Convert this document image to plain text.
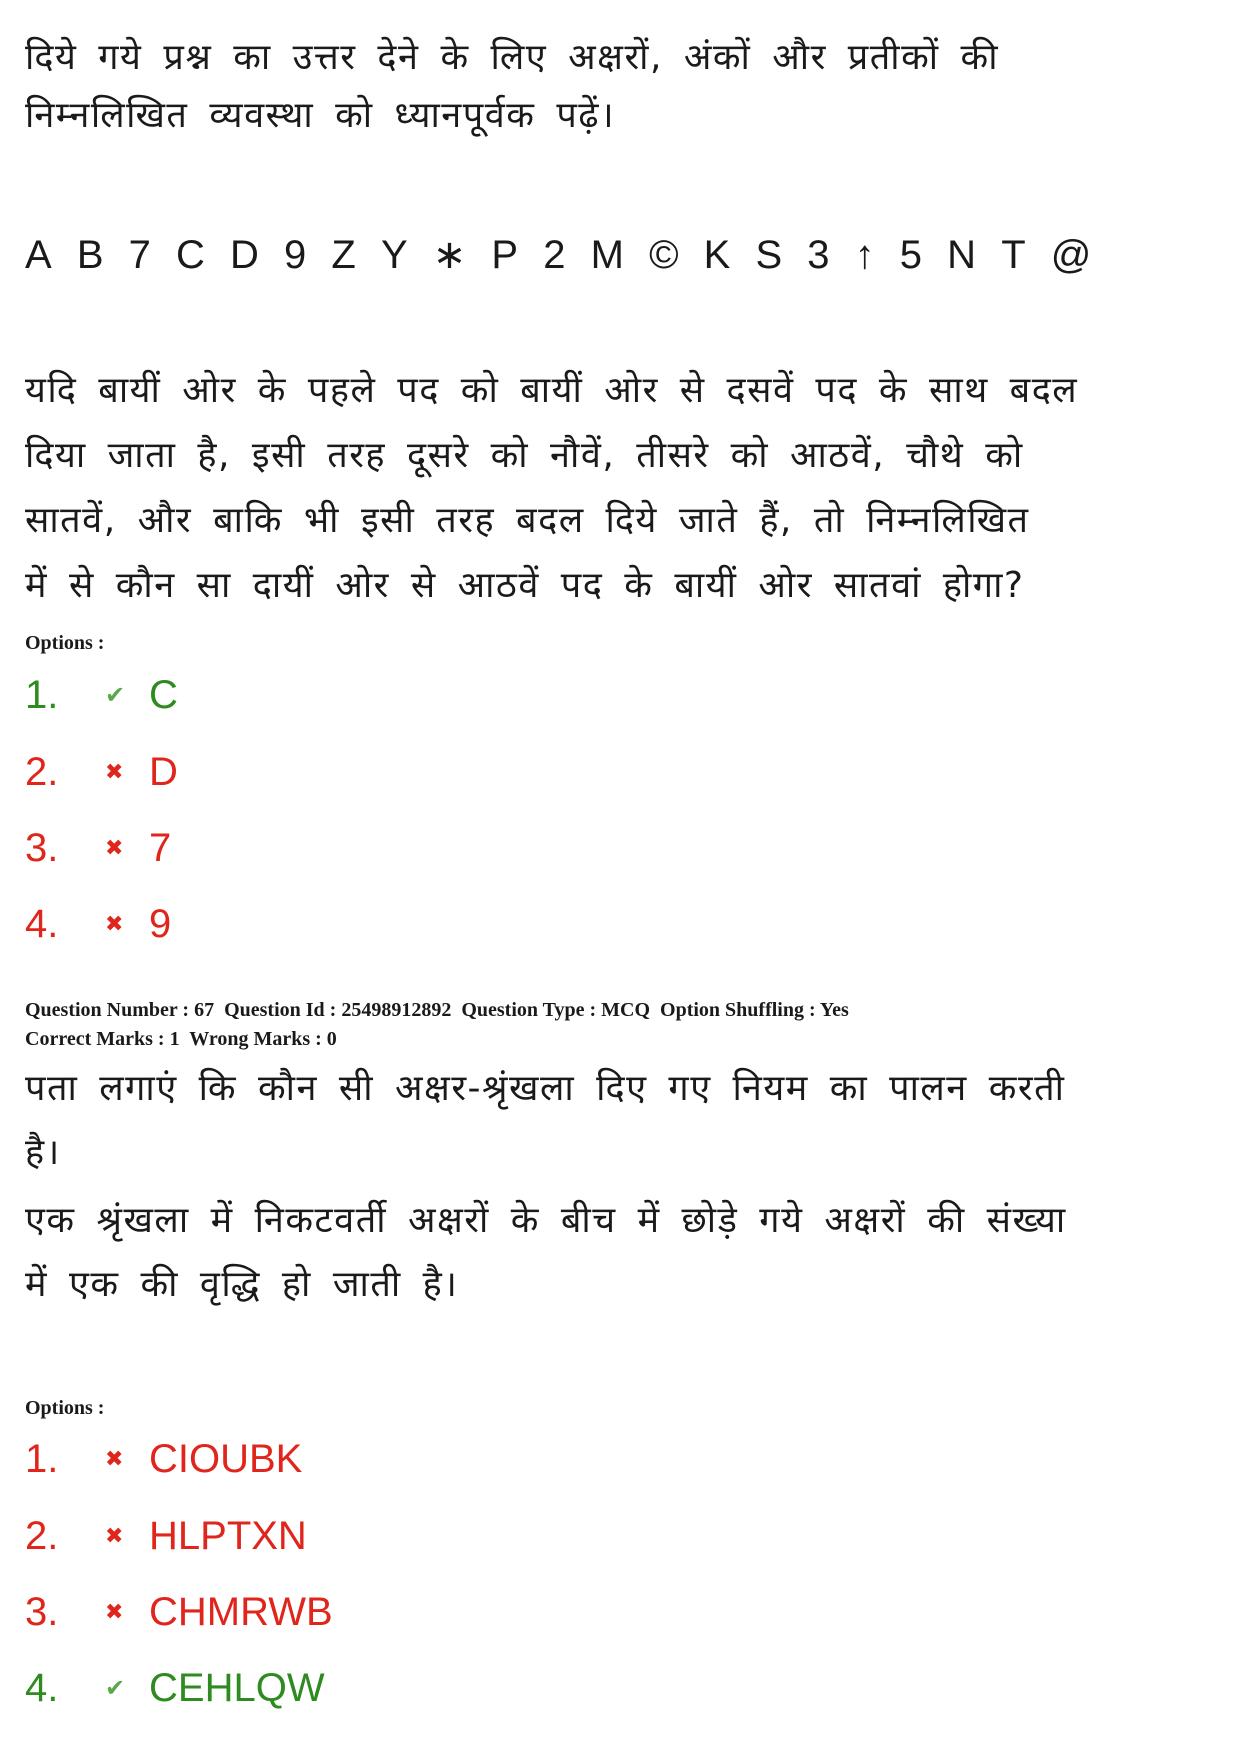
दिये गये प्रश्न का उत्तर देने के लिए अक्षरों, अंकों और प्रतीकों की

निम्नलिखित व्यवस्था को ध्यानपूर्वक पढ़ें।

A B 7 C D 9 Z Y ∗ P 2 M © K S 3 ↑ 5 N T @

यदि बायीं ओर के पहले पद को बायीं ओर से दसवें पद के साथ बदल

दिया जाता है, इसी तरह दूसरे को नौवें, तीसरे को आठवें, चौथे को

सातवें, और बाकि भी इसी तरह बदल दिये जाते हैं, तो निम्नलिखित

में से कौन सा दायीं ओर से आठवें पद के बायीं ओर सातवां होगा?

Options :

1.	✔ C
2.	✖ D
3.	✖ 7
4.	✖ 9

Question Number : 67  Question Id : 25498912892  Question Type : MCQ  Option Shuffling : Yes

Correct Marks : 1  Wrong Marks : 0

पता लगाएं कि कौन सी अक्षर-श्रृंखला दिए गए नियम का पालन करती

है।

एक श्रृंखला में निकटवर्ती अक्षरों के बीच में छोड़े गये अक्षरों की संख्या

में एक की वृद्धि हो जाती है।

Options :

1.	✖ CIOUBK
2.	✖ HLPTXN
3.	✖ CHMRWB
4.	✔ CEHLQW
